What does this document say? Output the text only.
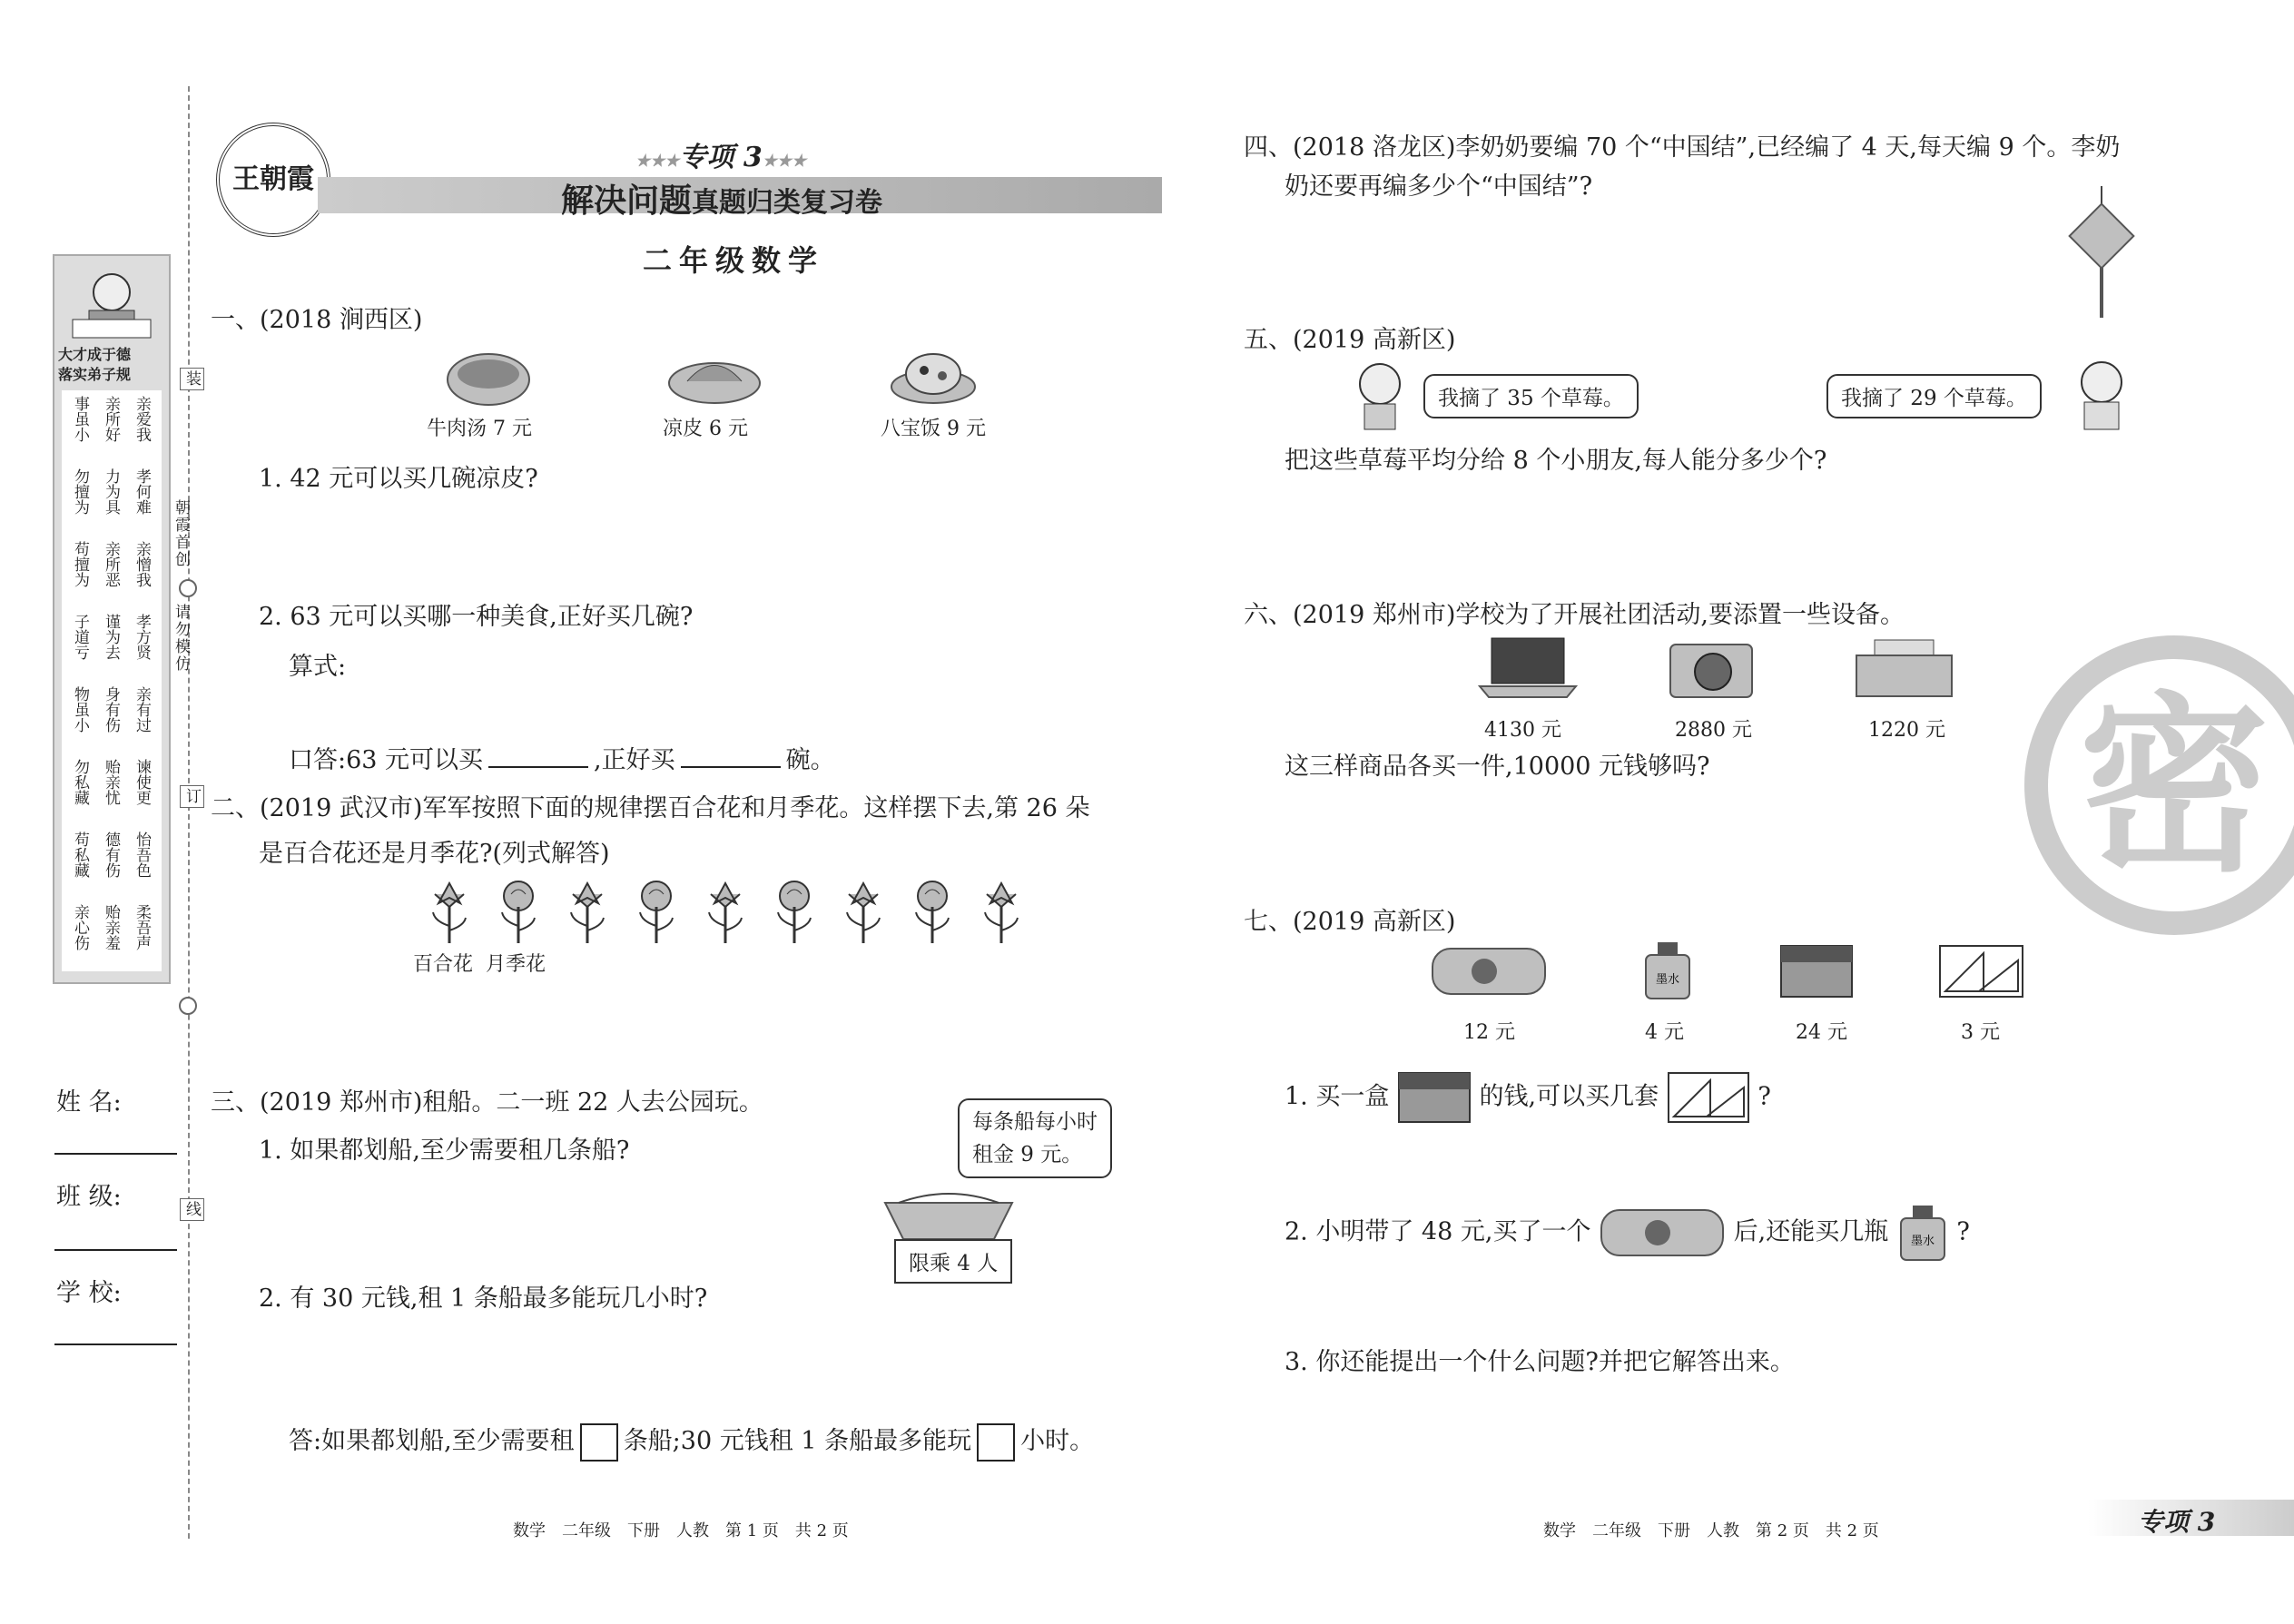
装
订
线
朝霞首创
请勿模仿
大才成于德
落实弟子规
亲爱我
亲所好
事虽小
孝何难
力为具
勿擅为
亲憎我
亲所恶
苟擅为
孝方贤
谨为去
子道亏
亲有过
身有伤
物虽小
谏使更
贻亲忧
勿私藏
怡吾色
德有伤
苟私藏
柔吾声
贻亲羞
亲心伤
姓 名:
班 级:
学 校:
王朝霞
★★★专项 3★★★
解决问题真题归类复习卷
二年级数学
一、(2018 涧西区)
牛肉汤 7 元	凉皮 6 元	八宝饭 9 元
1. 42 元可以买几碗凉皮?
2. 63 元可以买哪一种美食,正好买几碗?
算式:
口答:63 元可以买	,正好买	碗。
二、(2019 武汉市)军军按照下面的规律摆百合花和月季花。这样摆下去,第 26 朵
是百合花还是月季花?(列式解答)
百合花 月季花
三、(2019 郑州市)租船。二一班 22 人去公园玩。
每条船每小时
租金 9 元。
1. 如果都划船,至少需要租几条船?
限乘 4 人
2. 有 30 元钱,租 1 条船最多能玩几小时?
答:如果都划船,至少需要租 条船;30 元钱租 1 条船最多能玩 小时。
四、(2018 洛龙区)李奶奶要编 70 个“中国结”,已经编了 4 天,每天编 9 个。李奶
奶还要再编多少个“中国结”?
五、(2019 高新区)
我摘了 35 个草莓。	我摘了 29 个草莓。
把这些草莓平均分给 8 个小朋友,每人能分多少个?
六、(2019 郑州市)学校为了开展社团活动,要添置一些设备。
4130 元	2880 元	1220 元
这三样商品各买一件,10000 元钱够吗?
七、(2019 高新区)
墨水
12 元	4 元	24 元	3 元
1. 买一盒	的钱,可以买几套	?
2. 小明带了 48 元,买了一个	后,还能买几瓶 墨水 ?
3. 你还能提出一个什么问题?并把它解答出来。
密
数学　二年级　下册　人教　第 1 页　共 2 页	数学　二年级　下册　人教　第 2 页　共 2 页	专项 3
